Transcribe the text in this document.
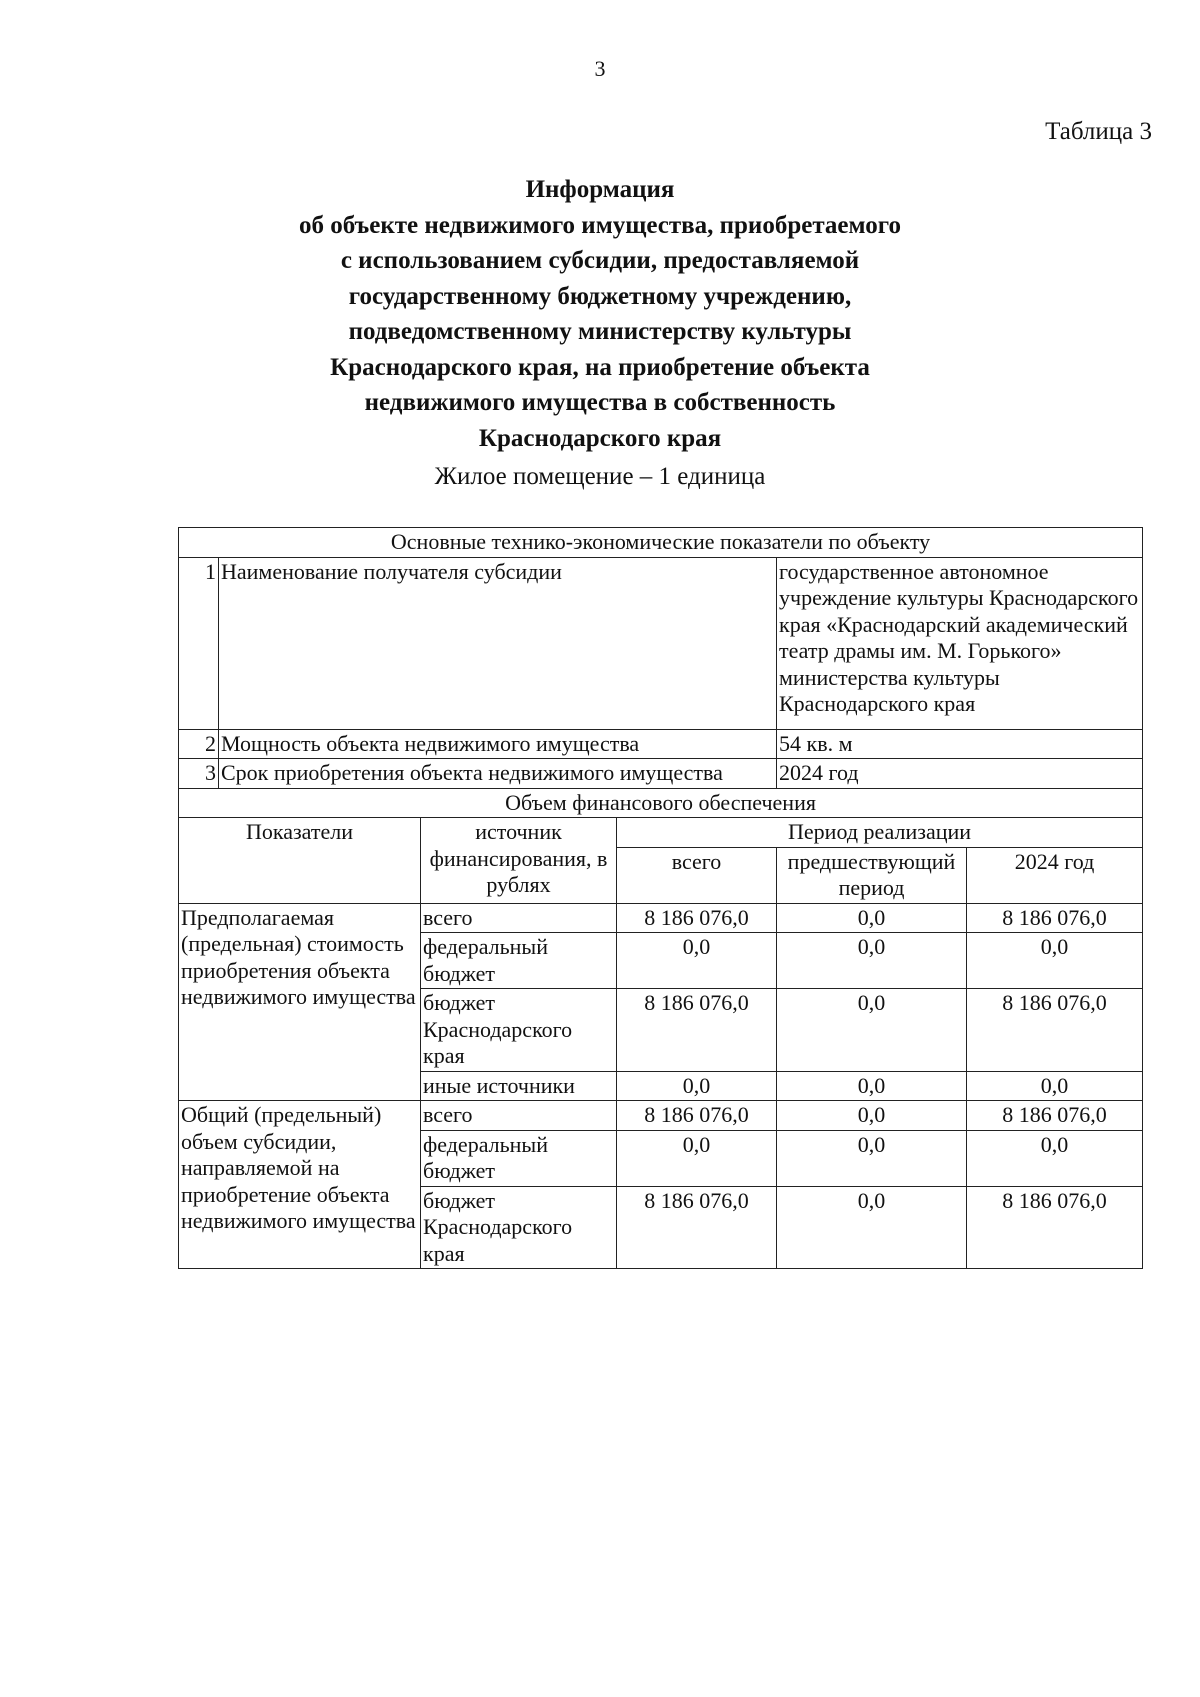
3
Таблица 3
Информация
об объекте недвижимого имущества, приобретаемого
с использованием субсидии, предоставляемой
государственному бюджетному учреждению,
подведомственному министерству культуры
Краснодарского края, на приобретение объекта
недвижимого имущества в собственность
Краснодарского края
Жилое помещение – 1 единица
Основные технико-экономические показатели по объекту					
1	Наименование получателя субсидии			государственное автономное учреждение культуры Краснодарского края «Краснодарский академический театр драмы им. М. Горького» министерства культуры Краснодарского края	
2	Мощность объекта недвижимого имущества			54 кв. м	
3	Срок приобретения объекта недвижимого имущества			2024 год	
Объем финансового обеспечения					
Показатели		источник финансирования, в рублях	Период реализации		
			всего	предшествующий период	2024 год
Предполагаемая (предельная) стоимость приобретения объекта недвижимого имущества		всего	8 186 076,0	0,0	8 186 076,0
		федеральный бюджет	0,0	0,0	0,0
		бюджет Краснодарского края	8 186 076,0	0,0	8 186 076,0
		иные источники	0,0	0,0	0,0
Общий (предельный) объем субсидии, направляемой на приобретение объекта недвижимого имущества		всего	8 186 076,0	0,0	8 186 076,0
		федеральный бюджет	0,0	0,0	0,0
		бюджет Краснодарского края	8 186 076,0	0,0	8 186 076,0
